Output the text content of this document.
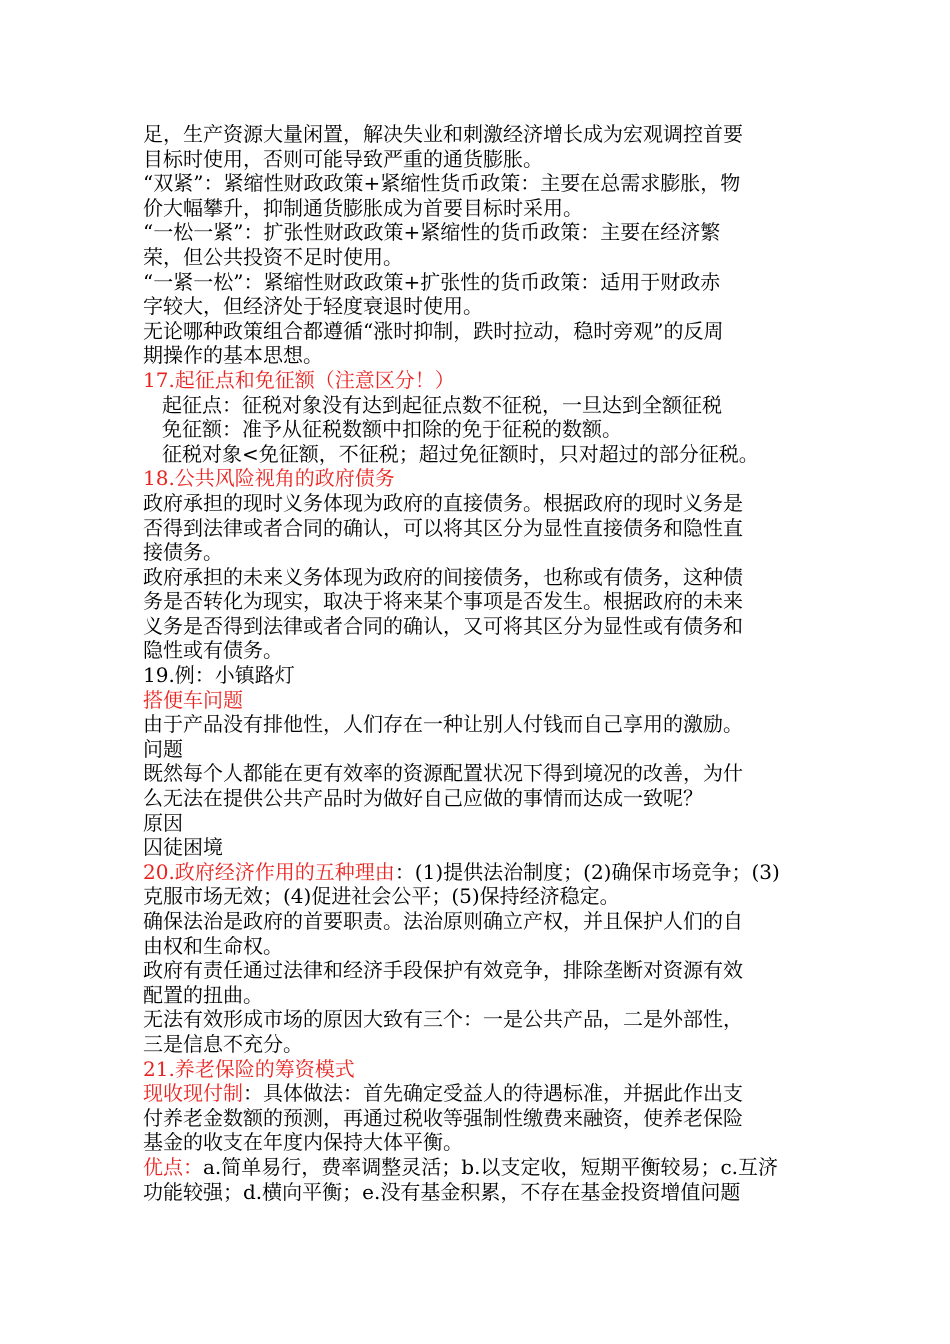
足，生产资源大量闲置，解决失业和刺激经济增长成为宏观调控首要
目标时使用，否则可能导致严重的通货膨胀。
“双紧”：紧缩性财政政策+紧缩性货币政策：主要在总需求膨胀，物
价大幅攀升，抑制通货膨胀成为首要目标时采用。
“一松一紧”：扩张性财政政策+紧缩性的货币政策：主要在经济繁
荣，但公共投资不足时使用。
“一紧一松”：紧缩性财政政策+扩张性的货币政策：适用于财政赤
字较大，但经济处于轻度衰退时使用。
无论哪种政策组合都遵循“涨时抑制，跌时拉动，稳时旁观”的反周
期操作的基本思想。
17.起征点和免征额（注意区分！）
起征点：征税对象没有达到起征点数不征税，一旦达到全额征税
免征额：准予从征税数额中扣除的免于征税的数额。
征税对象<免征额，不征税；超过免征额时，只对超过的部分征税。
18.公共风险视角的政府债务
政府承担的现时义务体现为政府的直接债务。根据政府的现时义务是
否得到法律或者合同的确认，可以将其区分为显性直接债务和隐性直
接债务。
政府承担的未来义务体现为政府的间接债务，也称或有债务，这种债
务是否转化为现实，取决于将来某个事项是否发生。根据政府的未来
义务是否得到法律或者合同的确认，又可将其区分为显性或有债务和
隐性或有债务。
19.例：小镇路灯
搭便车问题
由于产品没有排他性，人们存在一种让别人付钱而自己享用的激励。
问题
既然每个人都能在更有效率的资源配置状况下得到境况的改善，为什
么无法在提供公共产品时为做好自己应做的事情而达成一致呢？
原因
囚徒困境
20.政府经济作用的五种理由：(1)提供法治制度；(2)确保市场竞争；(3)
克服市场无效；(4)促进社会公平；(5)保持经济稳定。
确保法治是政府的首要职责。法治原则确立产权，并且保护人们的自
由权和生命权。
政府有责任通过法律和经济手段保护有效竞争，排除垄断对资源有效
配置的扭曲。
无法有效形成市场的原因大致有三个：一是公共产品，二是外部性，
三是信息不充分。
21.养老保险的筹资模式
现收现付制：具体做法：首先确定受益人的待遇标准，并据此作出支
付养老金数额的预测，再通过税收等强制性缴费来融资，使养老保险
基金的收支在年度内保持大体平衡。
优点：a.简单易行，费率调整灵活；b.以支定收，短期平衡较易；c.互济
功能较强；d.横向平衡；e.没有基金积累，不存在基金投资增值问题
